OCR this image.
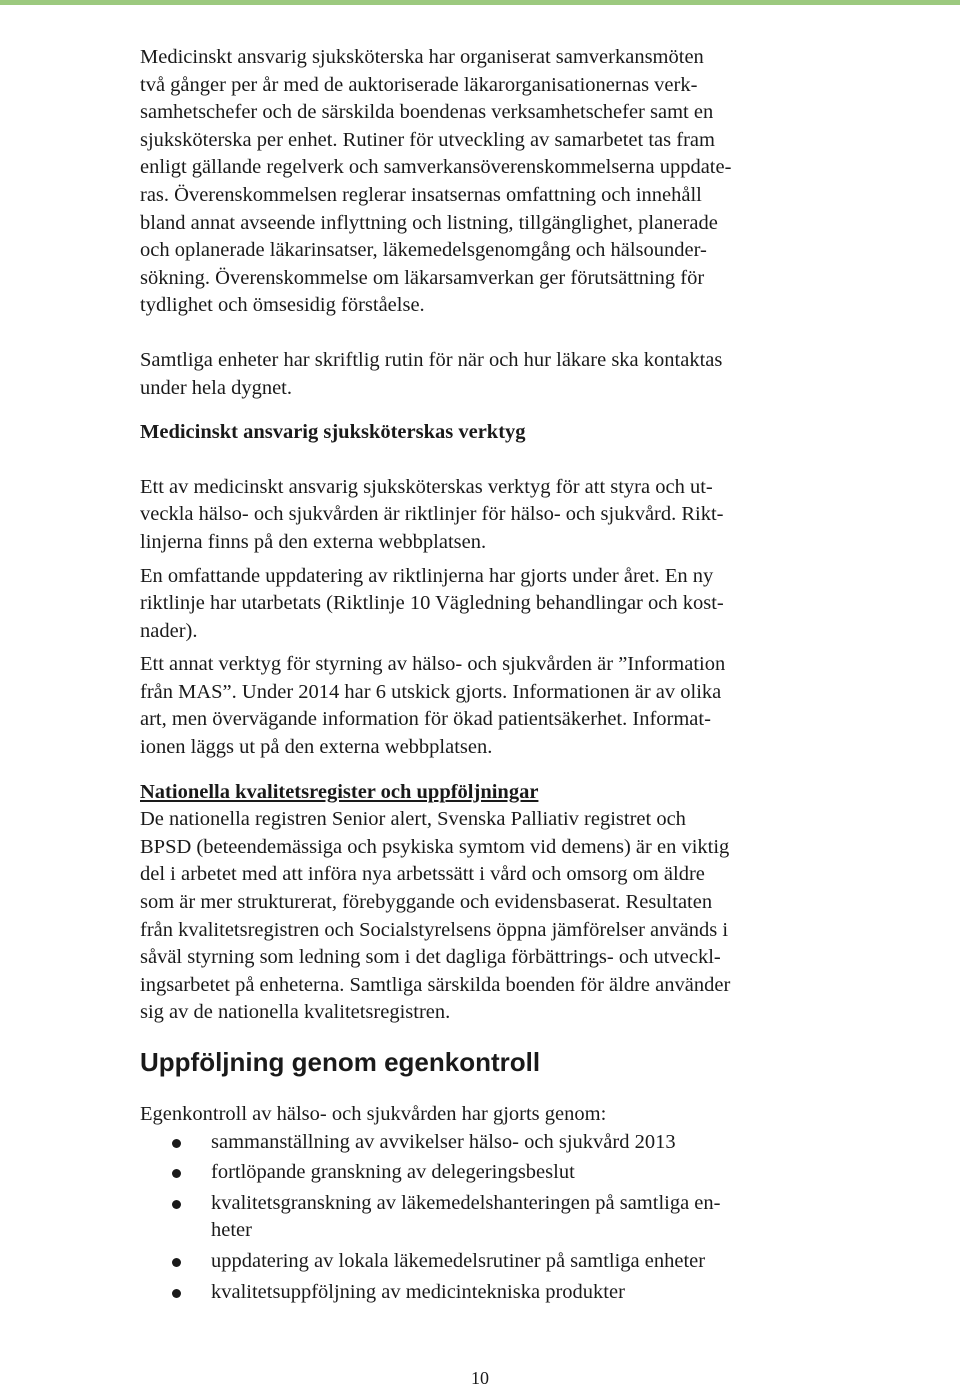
Medicinskt ansvarig sjuksköterska har organiserat samverkansmöten
två gånger per år med de auktoriserade läkarorganisationernas verk-
samhetschefer och de särskilda boendenas verksamhetschefer samt en
sjuksköterska per enhet. Rutiner för utveckling av samarbetet tas fram
enligt gällande regelverk och samverkansöverenskommelserna uppdate-
ras. Överenskommelsen reglerar insatsernas omfattning och innehåll
bland annat avseende inflyttning och listning, tillgänglighet, planerade
och oplanerade läkarinsatser, läkemedelsgenomgång och hälsounder-
sökning. Överenskommelse om läkarsamverkan ger förutsättning för
tydlighet och ömsesidig förståelse.

Samtliga enheter har skriftlig rutin för när och hur läkare ska kontaktas
under hela dygnet.

Medicinskt ansvarig sjuksköterskas verktyg

Ett av medicinskt ansvarig sjuksköterskas verktyg för att styra och ut-
veckla hälso- och sjukvården är riktlinjer för hälso- och sjukvård. Rikt-
linjerna finns på den externa webbplatsen.

En omfattande uppdatering av riktlinjerna har gjorts under året. En ny
riktlinje har utarbetats (Riktlinje 10 Vägledning behandlingar och kost-
nader).

Ett annat verktyg för styrning av hälso- och sjukvården är ”Information
från MAS”. Under 2014 har 6 utskick gjorts. Informationen är av olika
art, men övervägande information för ökad patientsäkerhet. Informat-
ionen läggs ut på den externa webbplatsen.

Nationella kvalitetsregister och uppföljningar

De nationella registren Senior alert, Svenska Palliativ registret och
BPSD (beteendemässiga och psykiska symtom vid demens) är en viktig
del i arbetet med att införa nya arbetssätt i vård och omsorg om äldre
som är mer strukturerat, förebyggande och evidensbaserat. Resultaten
från kvalitetsregistren och Socialstyrelsens öppna jämförelser används i
såväl styrning som ledning som i det dagliga förbättrings- och utveckl-
ingsarbetet på enheterna. Samtliga särskilda boenden för äldre använder
sig av de nationella kvalitetsregistren.

Uppföljning genom egenkontroll

Egenkontroll av hälso- och sjukvården har gjorts genom:

sammanställning av avvikelser hälso- och sjukvård 2013
fortlöpande granskning av delegeringsbeslut
kvalitetsgranskning av läkemedelshanteringen på samtliga en-
heter
uppdatering av lokala läkemedelsrutiner på samtliga enheter
kvalitetsuppföljning av medicintekniska produkter
10
